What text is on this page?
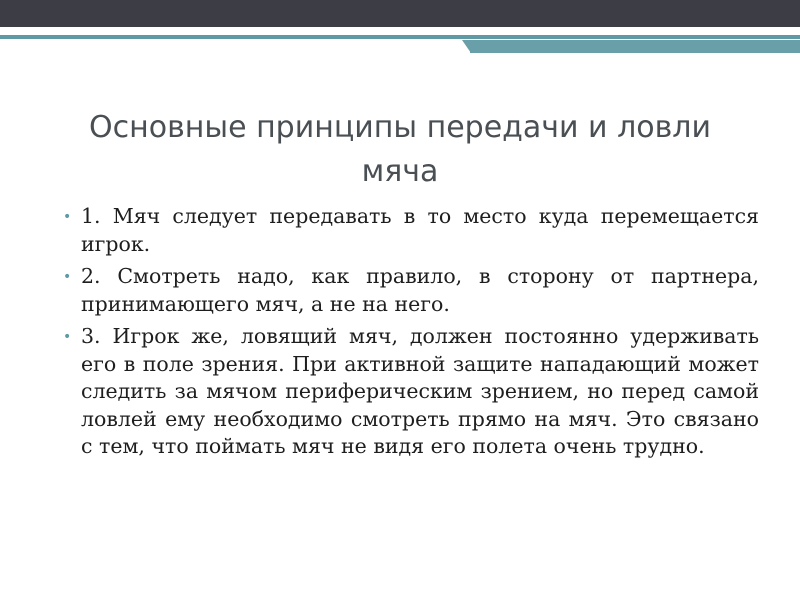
Основные принципы передачи и ловли мяча
• 1. Мяч следует передавать в то место куда перемещается игрок.
• 2. Смотреть надо, как правило, в сторону от партнера, принимающего мяч, а не на него.
• 3. Игрок же, ловящий мяч, должен постоянно удерживать его в поле зрения. При активной защите нападающий может следить за мячом периферическим зрением, но перед самой ловлей ему необходимо смотреть прямо на мяч. Это связано с тем, что поймать мяч не видя его полета очень трудно.
